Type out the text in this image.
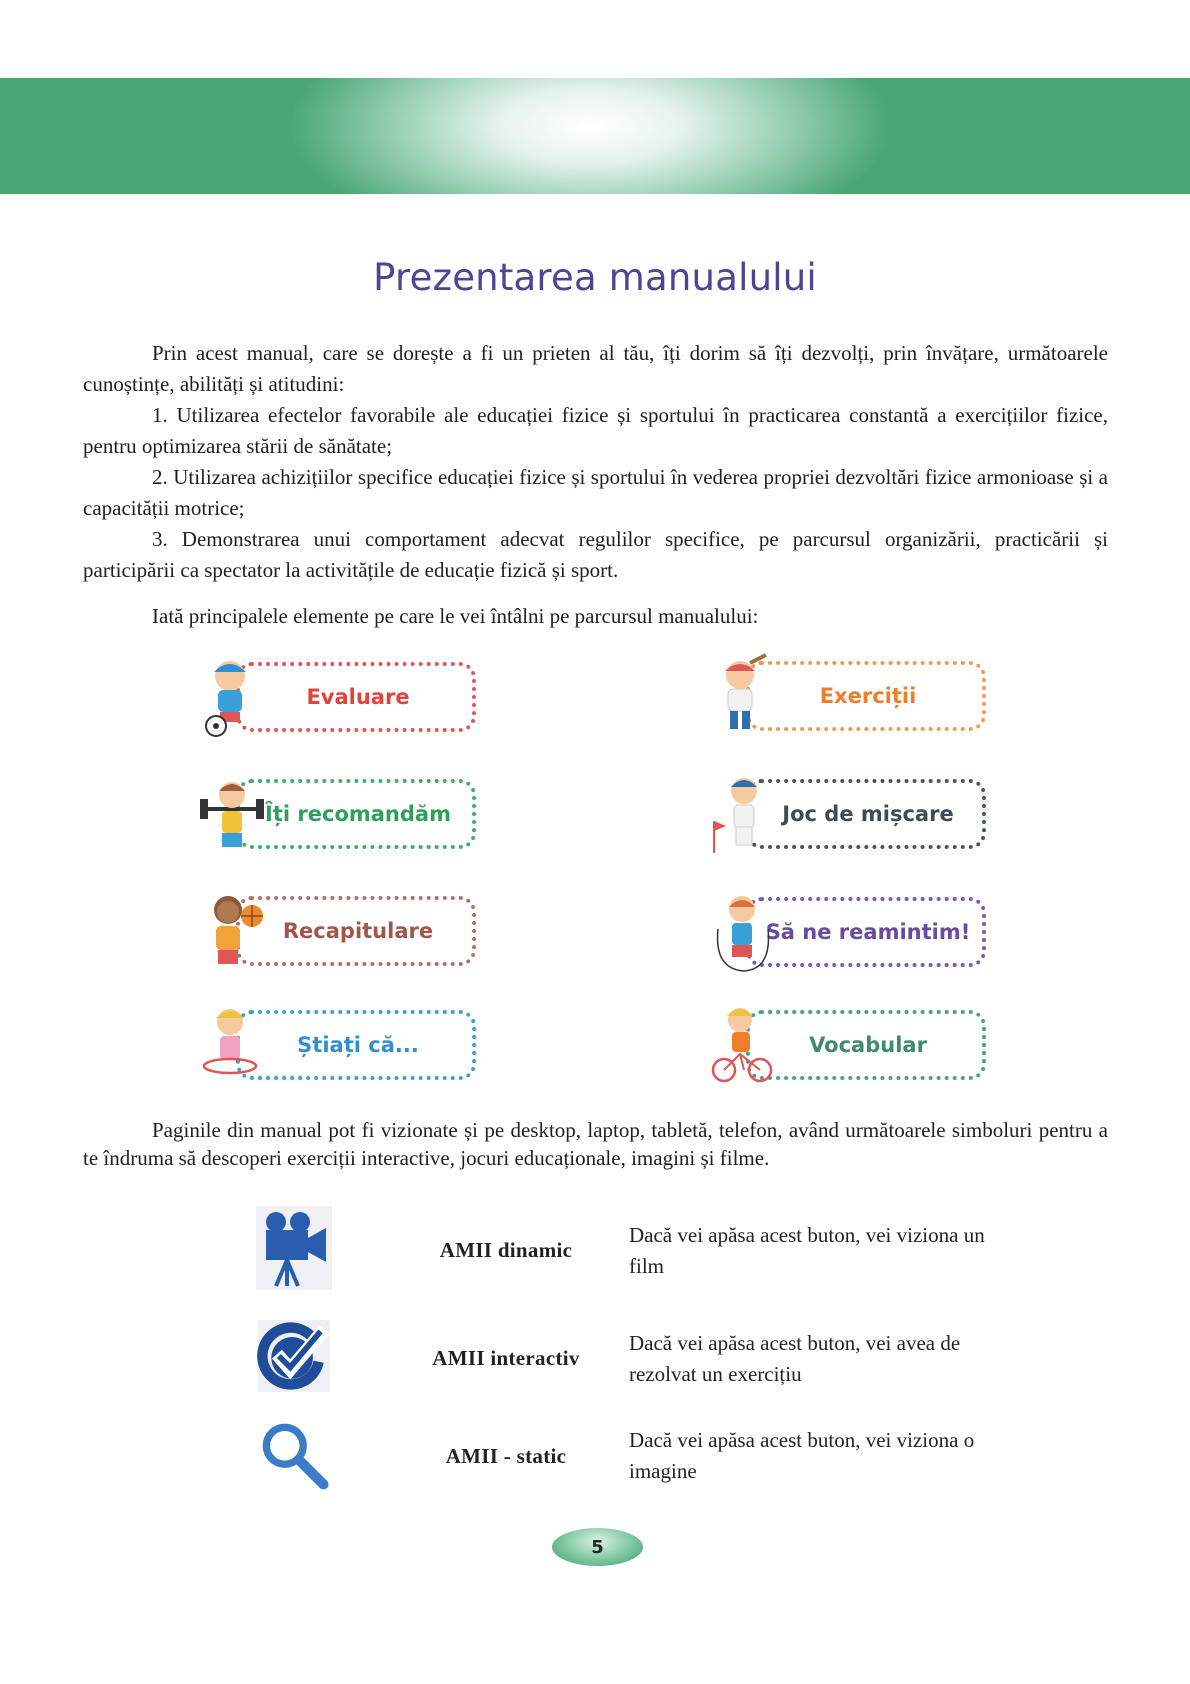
Prezentarea manualului

Prin acest manual, care se dorește a fi un prieten al tău, îți dorim să îți dezvolți, prin învățare, următoarele cunoștințe, abilități și atitudini:

1. Utilizarea efectelor favorabile ale educației fizice și sportului în practicarea constantă a exercițiilor fizice, pentru optimizarea stării de sănătate;

2. Utilizarea achizițiilor specifice educației fizice și sportului în vederea propriei dezvoltări fizice armonioase și a capacității motrice;

3. Demonstrarea unui comportament adecvat regulilor specifice, pe parcursul organizării, practicării și participării ca spectator la activitățile de educație fizică și sport.

Iată principalele elemente pe care le vei întâlni pe parcursul manualului:

Evaluare	Exerciții
Îți recomandăm	Joc de mișcare
Recapitulare	Să ne reamintim!
Știați că...	Vocabular

Paginile din manual pot fi vizionate și pe desktop, laptop, tabletă, telefon, având următoarele simboluri pentru a te îndruma să descoperi exerciții interactive, jocuri educaționale, imagini și filme.

AMII dinamic
Dacă vei apăsa acest buton, vei viziona un film
AMII interactiv
Dacă vei apăsa acest buton, vei avea de rezolvat un exercițiu
AMII - static
Dacă vei apăsa acest buton, vei viziona o imagine
5
